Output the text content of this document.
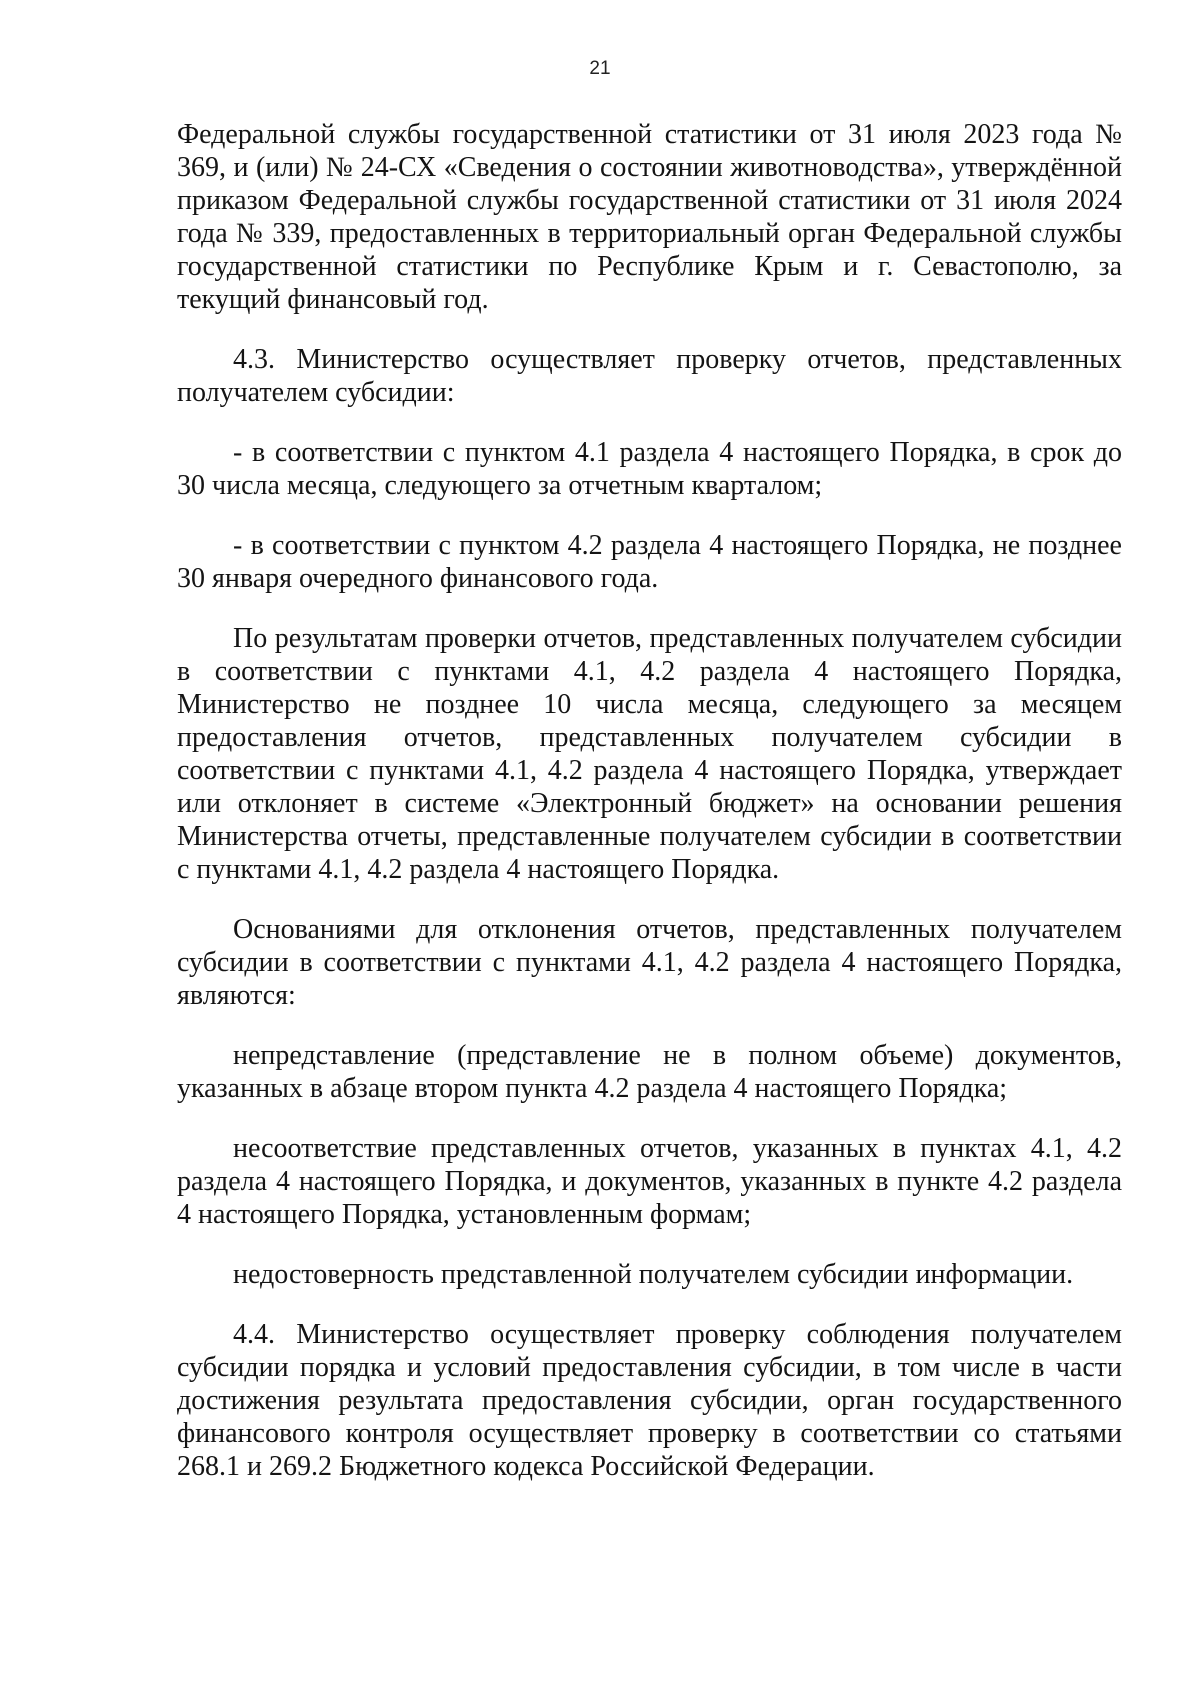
21

Федеральной службы государственной статистики от 31 июля 2023 года № 369, и (или) № 24-СХ «Сведения о состоянии животноводства», утверждённой приказом Федеральной службы государственной статистики от 31 июля 2024 года № 339, предоставленных в территориальный орган Федеральной службы государственной статистики по Республике Крым и г. Севастополю, за текущий финансовый год.

4.3. Министерство осуществляет проверку отчетов, представленных получателем субсидии:

- в соответствии с пунктом 4.1 раздела 4 настоящего Порядка, в срок до 30 числа месяца, следующего за отчетным кварталом;

- в соответствии с пунктом 4.2 раздела 4 настоящего Порядка, не позднее 30 января очередного финансового года.

По результатам проверки отчетов, представленных получателем субсидии в соответствии с пунктами 4.1, 4.2 раздела 4 настоящего Порядка, Министерство не позднее 10 числа месяца, следующего за месяцем предоставления отчетов, представленных получателем субсидии в соответствии с пунктами 4.1, 4.2 раздела 4 настоящего Порядка, утверждает или отклоняет в системе «Электронный бюджет» на основании решения Министерства отчеты, представленные получателем субсидии в соответствии с пунктами 4.1, 4.2 раздела 4 настоящего Порядка.

Основаниями для отклонения отчетов, представленных получателем субсидии в соответствии с пунктами 4.1, 4.2 раздела 4 настоящего Порядка, являются:

непредставление (представление не в полном объеме) документов, указанных в абзаце втором пункта 4.2 раздела 4 настоящего Порядка;

несоответствие представленных отчетов, указанных в пунктах 4.1, 4.2 раздела 4 настоящего Порядка, и документов, указанных в пункте 4.2 раздела 4 настоящего Порядка, установленным формам;

недостоверность представленной получателем субсидии информации.

4.4. Министерство осуществляет проверку соблюдения получателем субсидии порядка и условий предоставления субсидии, в том числе в части достижения результата предоставления субсидии, орган государственного финансового контроля осуществляет проверку в соответствии со статьями 268.1 и 269.2 Бюджетного кодекса Российской Федерации.
